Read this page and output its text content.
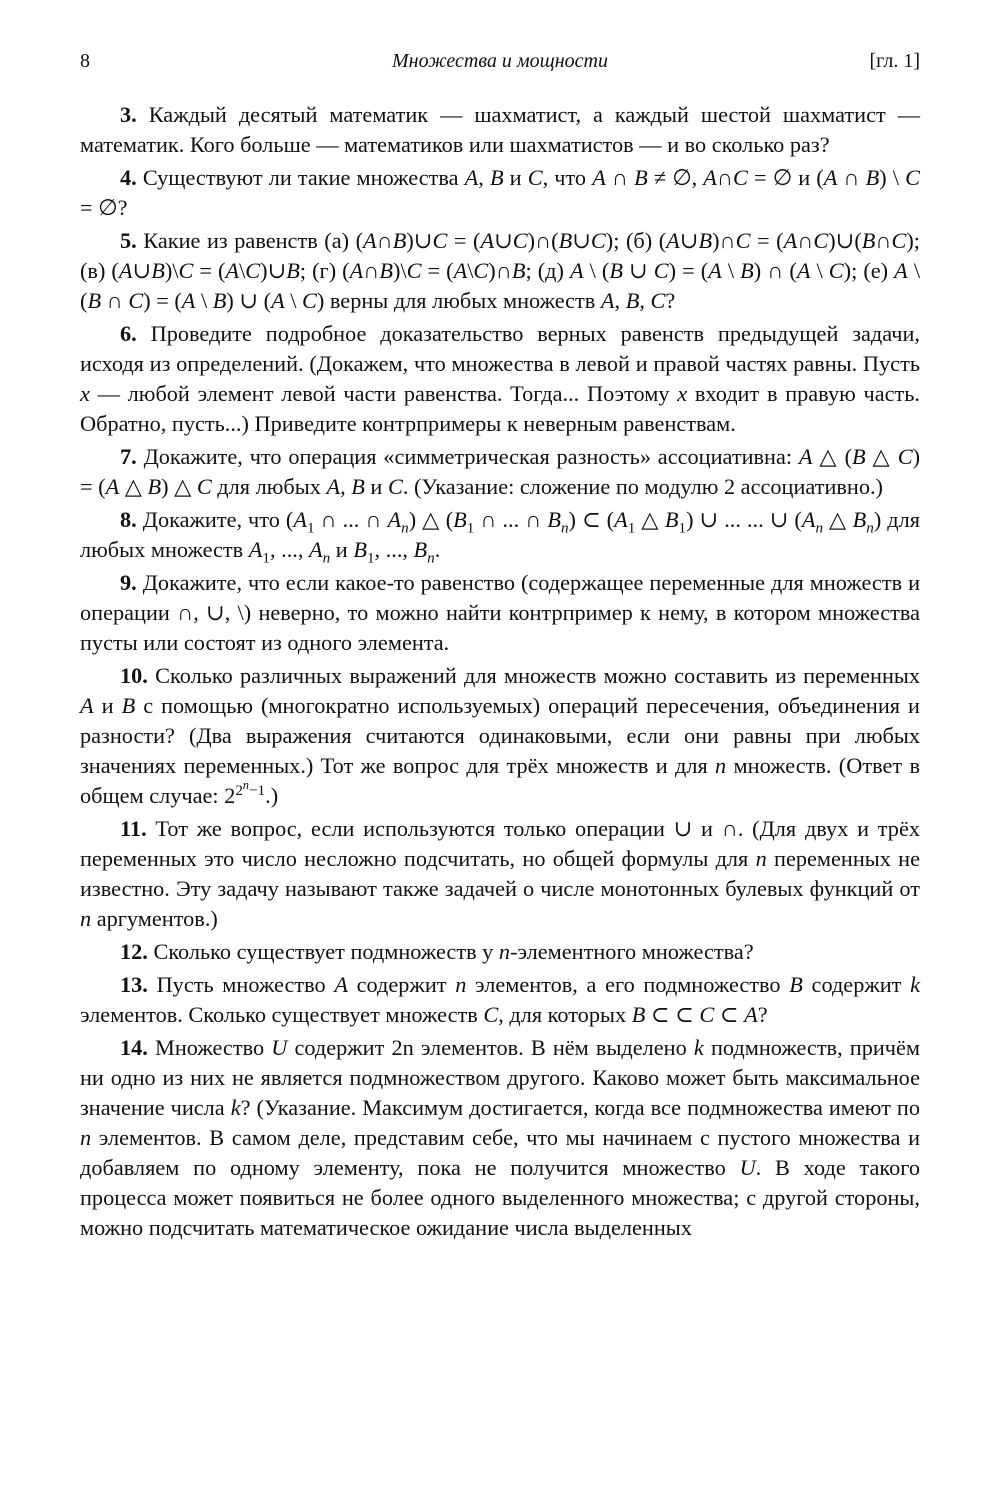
8	Множества и мощности	[гл. 1]

3. Каждый десятый математик — шахматист, а каждый шестой шахматист — математик. Кого больше — математиков или шахматистов — и во сколько раз?

4. Существуют ли такие множества A, B и C, что A ∩ B ≠ ∅, A∩C = ∅ и (A ∩ B) \ C = ∅?

5. Какие из равенств (а) (A∩B)∪C = (A∪C)∩(B∪C); (б) (A∪B)∩C = (A∩C)∪(B∩C); (в) (A∪B)\C = (A\C)∪B; (г) (A∩B)\C = (A\C)∩B; (д) A \ (B ∪ C) = (A \ B) ∩ (A \ C); (е) A \ (B ∩ C) = (A \ B) ∪ (A \ C) верны для любых множеств A, B, C?

6. Проведите подробное доказательство верных равенств предыдущей задачи, исходя из определений. (Докажем, что множества в левой и правой частях равны. Пусть x — любой элемент левой части равенства. Тогда... Поэтому x входит в правую часть. Обратно, пусть...) Приведите контрпримеры к неверным равенствам.

7. Докажите, что операция «симметрическая разность» ассоциативна: A △ (B △ C) = (A △ B) △ C для любых A, B и C. (Указание: сложение по модулю 2 ассоциативно.)

8. Докажите, что ($A_1$ ∩ ... ∩ $A_n$) △ ($B_1$ ∩ ... ∩ $B_n$) ⊂ ($A_1$ △ $B_1$) ∪ ... ... ∪ ($A_n$ △ $B_n$) для любых множеств $A_1$, ..., $A_n$ и $B_1$, ..., $B_n$.

9. Докажите, что если какое-то равенство (содержащее переменные для множеств и операции ∩, ∪, \) неверно, то можно найти контрпример к нему, в котором множества пусты или состоят из одного элемента.

10. Сколько различных выражений для множеств можно составить из переменных A и B с помощью (многократно используемых) операций пересечения, объединения и разности? (Два выражения считаются одинаковыми, если они равны при любых значениях переменных.) Тот же вопрос для трёх множеств и для n множеств. (Ответ в общем случае: $2^{2^n-1}$.)

11. Тот же вопрос, если используются только операции ∪ и ∩. (Для двух и трёх переменных это число несложно подсчитать, но общей формулы для n переменных не известно. Эту задачу называют также задачей о числе монотонных булевых функций от n аргументов.)

12. Сколько существует подмножеств у n-элементного множества?

13. Пусть множество A содержит n элементов, а его подмножество B содержит k элементов. Сколько существует множеств C, для которых B ⊂ ⊂ C ⊂ A?

14. Множество U содержит 2n элементов. В нём выделено k подмножеств, причём ни одно из них не является подмножеством другого. Каково может быть максимальное значение числа k? (Указание. Максимум достигается, когда все подмножества имеют по n элементов. В самом деле, представим себе, что мы начинаем с пустого множества и добавляем по одному элементу, пока не получится множество U. В ходе такого процесса может появиться не более одного выделенного множества; с другой стороны, можно подсчитать математическое ожидание числа выделенных
